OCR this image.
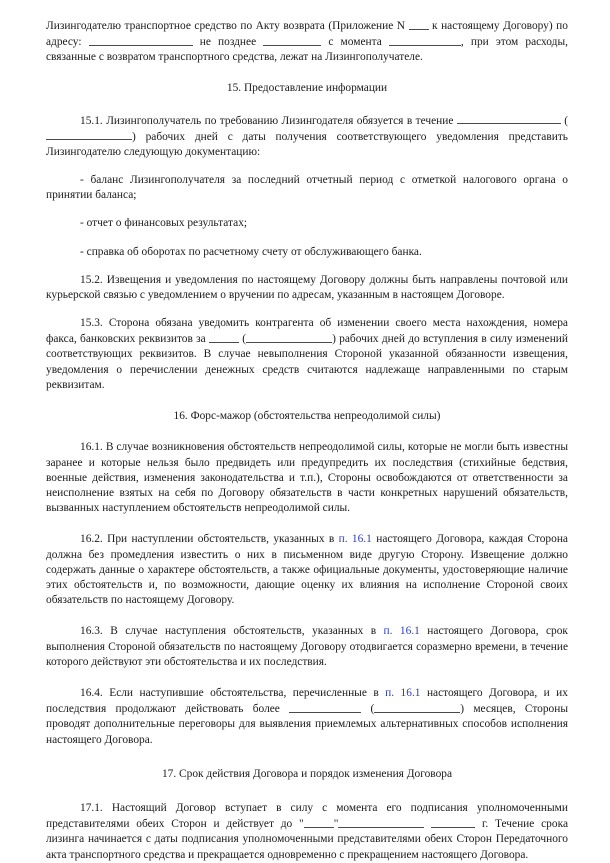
Лизингодателю транспортное средство по Акту возврата (Приложение N к настоящему Договору) по адресу:	не позднее	с момента	, при этом расходы, связанные с возвратом транспортного средства, лежат на Лизингополучателе.

15. Предоставление информации

15.1. Лизингополучатель по требованию Лизингодателя обязуется в течение	() рабочих дней с даты получения соответствующего уведомления представить Лизингодателю следующую документацию:

- баланс Лизингополучателя за последний отчетный период с отметкой налогового органа о принятии баланса;

- отчет о финансовых результатах;

- справка об оборотах по расчетному счету от обслуживающего банка.

15.2. Извещения и уведомления по настоящему Договору должны быть направлены почтовой или курьерской связью с уведомлением о вручении по адресам, указанным в настоящем Договоре.

15.3. Сторона обязана уведомить контрагента об изменении своего места нахождения, номера факса, банковских реквизитов за	(	) рабочих дней до вступления в силу изменений соответствующих реквизитов. В случае невыполнения Стороной указанной обязанности извещения, уведомления о перечислении денежных средств считаются надлежаще направленными по старым реквизитам.

16. Форс-мажор (обстоятельства непреодолимой силы)

16.1. В случае возникновения обстоятельств непреодолимой силы, которые не могли быть известны заранее и которые нельзя было предвидеть или предупредить их последствия (стихийные бедствия, военные действия, изменения законодательства и т.п.), Стороны освобождаются от ответственности за неисполнение взятых на себя по Договору обязательств в части конкретных нарушений обязательств, вызванных наступлением обстоятельств непреодолимой силы.

16.2. При наступлении обстоятельств, указанных в п. 16.1 настоящего Договора, каждая Сторона должна без промедления известить о них в письменном виде другую Сторону. Извещение должно содержать данные о характере обстоятельств, а также официальные документы, удостоверяющие наличие этих обстоятельств и, по возможности, дающие оценку их влияния на исполнение Стороной своих обязательств по настоящему Договору.

16.3. В случае наступления обстоятельств, указанных в п. 16.1 настоящего Договора, срок выполнения Стороной обязательств по настоящему Договору отодвигается соразмерно времени, в течение которого действуют эти обстоятельства и их последствия.

16.4. Если наступившие обстоятельства, перечисленные в п. 16.1 настоящего Договора, и их последствия продолжают действовать более	(	) месяцев, Стороны проводят дополнительные переговоры для выявления приемлемых альтернативных способов исполнения настоящего Договора.

17. Срок действия Договора и порядок изменения Договора

17.1. Настоящий Договор вступает в силу с момента его подписания уполномоченными представителями обеих Сторон и действует до "	"	г. Течение срока лизинга начинается с даты подписания уполномоченными представителями обеих Сторон Передаточного акта транспортного средства и прекращается одновременно с прекращением настоящего Договора.
